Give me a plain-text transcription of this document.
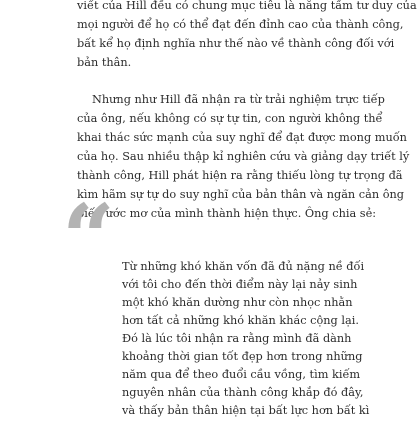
viết của Hill đều có chung mục tiêu là năng tầm tư duy của
mọi người để họ có thể đạt đến đỉnh cao của thành công,
bất kể họ định nghĩa như thế nào về thành công đối với
bản thân.
Nhưng như Hill đã nhận ra từ trải nghiệm trực tiếp
của ông, nếu không có sự tự tin, con người không thể
khai thác sức mạnh của suy nghĩ để đạt được mong muốn
của họ. Sau nhiều thập kỉ nghiên cứu và giảng dạy triết lý
thành công, Hill phát hiện ra rằng thiếu lòng tự trọng đã
kìm hãm sự tự do suy nghĩ của bản thân và ngăn cản ông
biến ước mơ của mình thành hiện thực. Ông chia sẻ:
“ Từ những khó khăn vốn đã đủ nặng nề đối
với tôi cho đến thời điểm này lại nảy sinh
một khó khăn dường như còn nhọc nhằn
hơn tất cả những khó khăn khác cộng lại.
Đó là lúc tôi nhận ra rằng mình đã dành
khoảng thời gian tốt đẹp hơn trong những
năm qua để theo đuổi cầu vồng, tìm kiếm
nguyên nhân của thành công khắp đó đây,
và thấy bản thân hiện tại bất lực hơn bất kì
